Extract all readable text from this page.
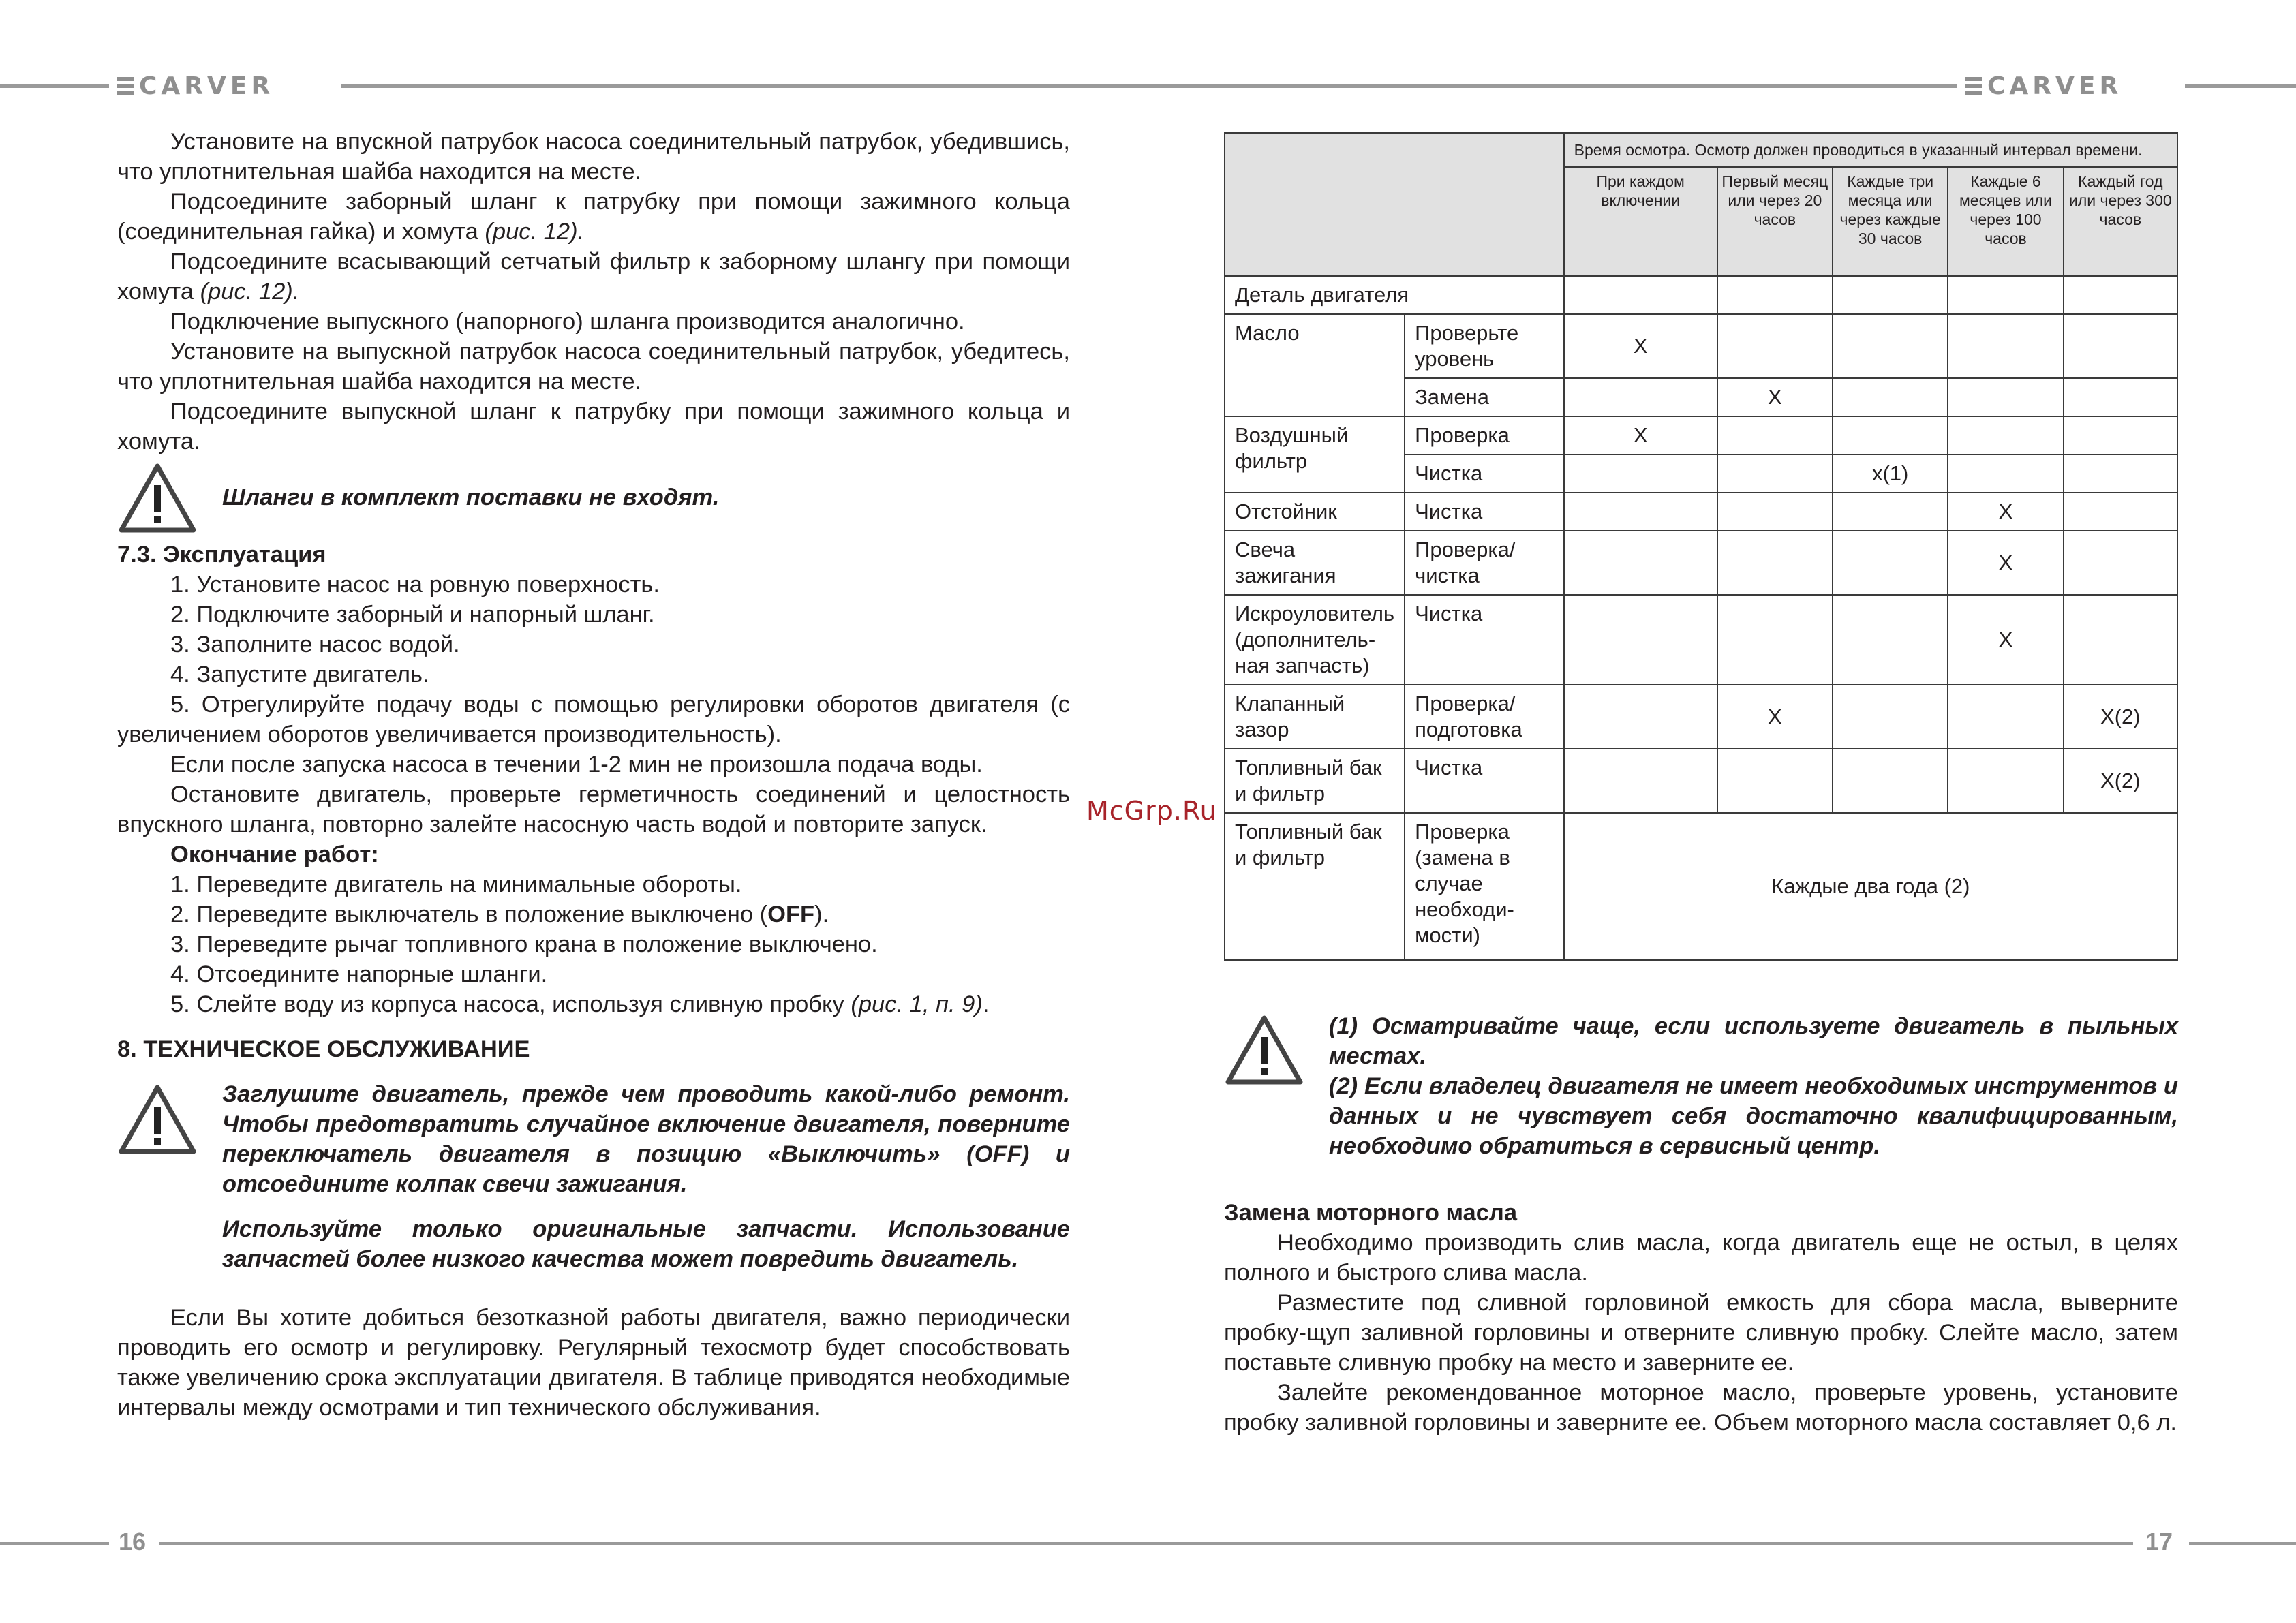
CARVER	CARVER

Установите на впускной патрубок насоса соединительный патрубок, убедившись, что уплотнительная шайба находится на месте.

Подсоедините заборный шланг к патрубку при помощи зажимного кольца (соединительная гайка) и хомута (рис. 12).

Подсоедините всасывающий сетчатый фильтр к заборному шлангу при помощи хомута (рис. 12).

Подключение выпускного (напорного) шланга производится аналогично.

Установите на выпускной патрубок насоса соединительный патрубок, убедитесь, что уплотнительная шайба находится на месте.

Подсоедините выпускной шланг к патрубку при помощи зажимного кольца и хомута.

Шланги в комплект поставки не входят.
7.3. Эксплуатация

1. Установите насос на ровную поверхность.

2. Подключите заборный и напорный шланг.

3. Заполните насос водой.

4. Запустите двигатель.

5. Отрегулируйте подачу воды с помощью регулировки оборотов двигателя (с увеличением оборотов увеличивается производительность).

Если после запуска насоса в течении 1-2 мин не произошла подача воды.

Остановите двигатель, проверьте герметичность соединений и целостность впускного шланга, повторно залейте насосную часть водой и повторите запуск.

Окончание работ:

1. Переведите двигатель на минимальные обороты.

2. Переведите выключатель в положение выключено (OFF).

3. Переведите рычаг топливного крана в положение выключено.

4. Отсоедините напорные шланги.

5. Слейте воду из корпуса насоса, используя сливную пробку (рис. 1, п. 9).

8. ТЕХНИЧЕСКОЕ ОБСЛУЖИВАНИЕ
Заглушите двигатель, прежде чем проводить какой-либо ремонт. Чтобы предотвратить случайное включение двигателя, поверните переключатель двигателя в позицию «Выключить» (OFF) и отсоедините колпак свечи зажигания.
Используйте только оригинальные запчасти. Использование запчастей более низкого качества может повредить двигатель.

Если Вы хотите добиться безотказной работы двигателя, важно периодически проводить его осмотр и регулировку. Регулярный техосмотр будет способствовать также увеличению срока эксплуатации двигателя. В таблице приводятся необходимые интервалы между осмотрами и тип технического обслуживания.

McGrp.Ru
		Время осмотра. Осмотр должен проводиться в указанный интервал времени.				
		При каждом включении	Первый месяц или через 20 часов	Каждые три месяца или через каждые 30 часов	Каждые 6 месяцев или через 100 часов	Каждый год или через 300 часов
Деталь двигателя						
Масло	Проверьте уровень	X				
	Замена		X			
Воздушный фильтр	Проверка	X				
	Чистка			x(1)		
Отстойник	Чистка				X	
Свеча зажигания	Проверка/ чистка				X	
Искроуловитель (дополнитель-ная запчасть)	Чистка				X	
Клапанный зазор	Проверка/ подготовка		X			X(2)
Топливный бак и фильтр	Чистка					X(2)
Топливный бак и фильтр	Проверка (замена в случае необходи-мости)	Каждые два года (2)				
(1) Осматривайте чаще, если используете двигатель в пыльных местах.
(2) Если владелец двигателя не имеет необходимых инструментов и данных и не чувствует себя достаточно квалифицированным, необходимо обратиться в сервисный центр.
Замена моторного масла

Необходимо производить слив масла, когда двигатель еще не остыл, в целях полного и быстрого слива масла.

Разместите под сливной горловиной емкость для сбора масла, выверните пробку-щуп заливной горловины и отверните сливную пробку. Слейте масло, затем поставьте сливную пробку на место и заверните ее.

Залейте рекомендованное моторное масло, проверьте уровень, установите пробку заливной горловины и заверните ее. Объем моторного масла составляет 0,6 л.

16	17
